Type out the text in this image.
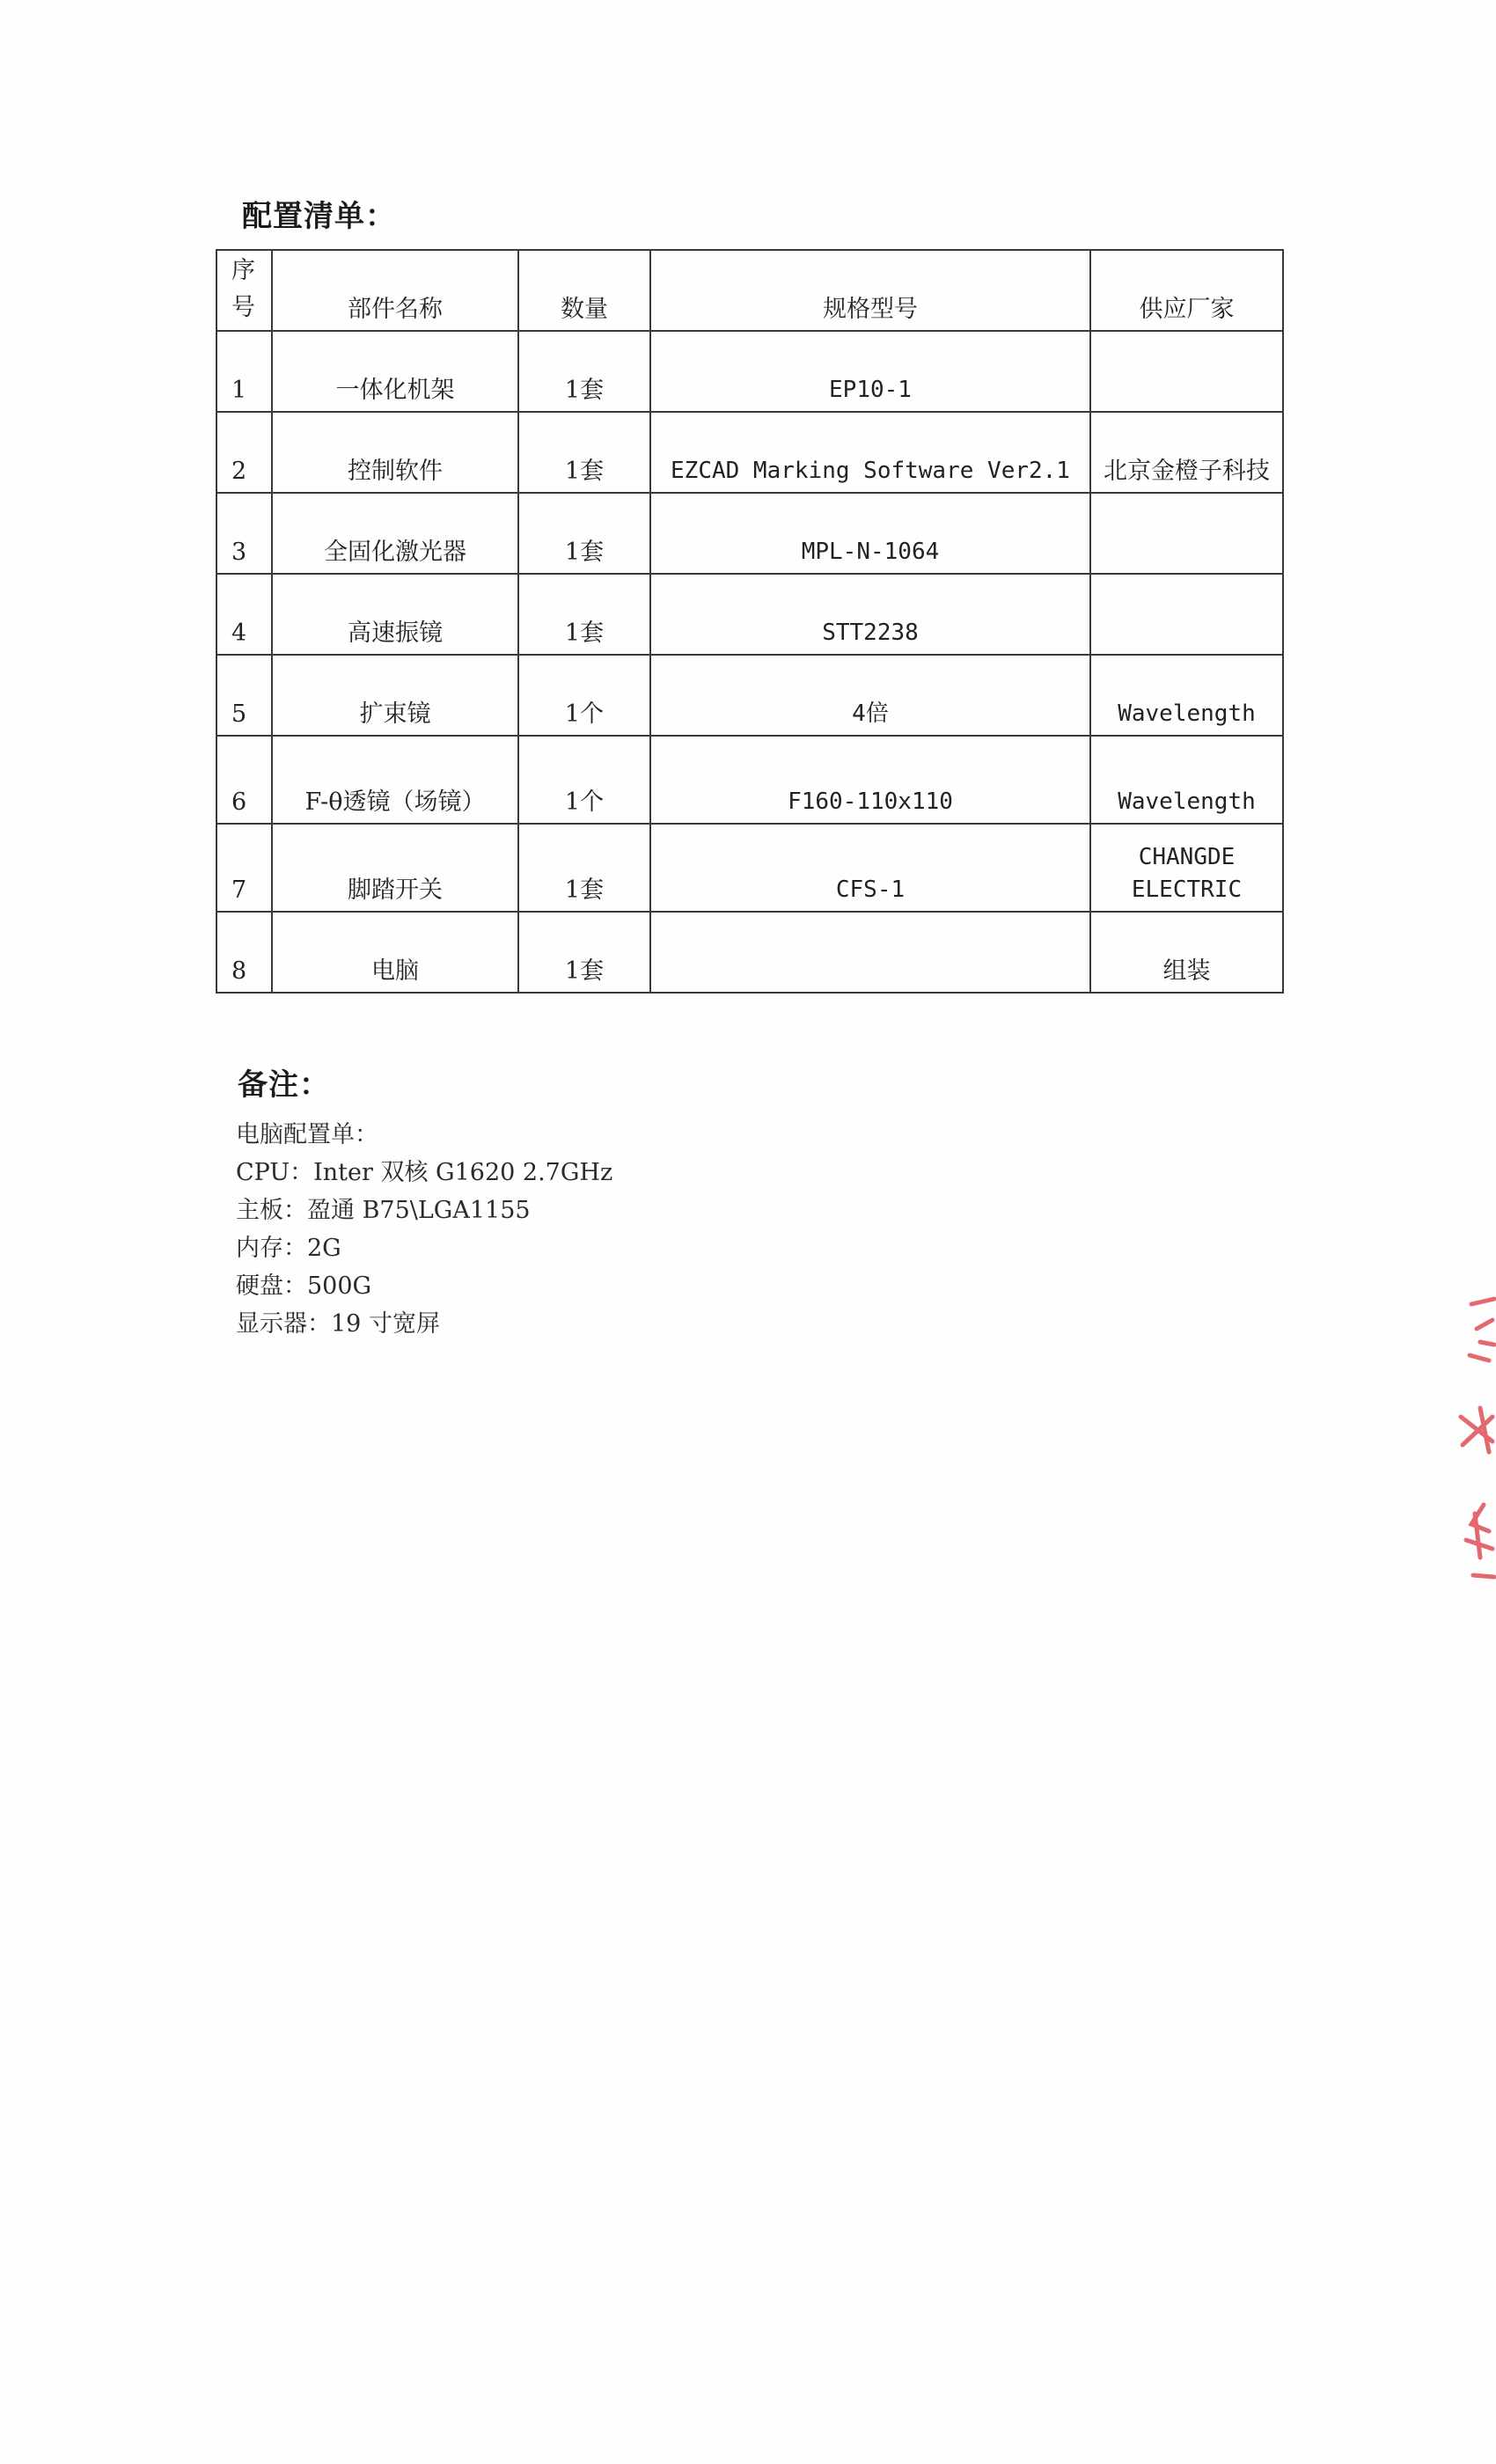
配置清单：
序
号	部件名称	数量	规格型号	供应厂家
1	一体化机架	1套	EP10-1	
2	控制软件	1套	EZCAD Marking Software Ver2.1	北京金橙子科技
3	全固化激光器	1套	MPL-N-1064	
4	高速振镜	1套	STT2238	
5	扩束镜	1个	4倍	Wavelength
6	F-θ透镜（场镜）	1个	F160-110x110	Wavelength
7	脚踏开关	1套	CFS-1	CHANGDE ELECTRIC
8	电脑	1套		组装
备注：
电脑配置单：
CPU：Inter 双核 G1620 2.7GHz
主板：盈通 B75\LGA1155
内存：2G
硬盘：500G
显示器：19 寸宽屏
